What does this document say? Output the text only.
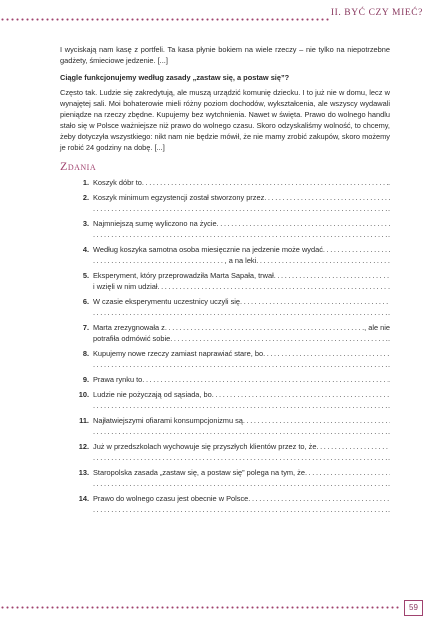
II. BYĆ CZY MIEĆ?

I wyciskają nam kasę z portfeli. Ta kasa płynie bokiem na wiele rzeczy – nie tylko na niepotrzebne gadżety, śmieciowe jedzenie. [...]

Ciągle funkcjonujemy według zasady „zastaw się, a postaw się”?

Często tak. Ludzie się zakredytują, ale muszą urządzić komunię dziecku. I to już nie w domu, lecz w wynajętej sali. Moi bohaterowie mieli różny poziom dochodów, wykształcenia, ale wszyscy wydawali pieniądze na rzeczy zbędne. Kupujemy bez wytchnienia. Nawet w święta. Prawo do wolnego handlu stało się w Polsce ważniejsze niż prawo do wolnego czasu. Skoro odzyskaliśmy wolność, to chcemy, żeby dotyczyła wszystkiego: nikt nam nie będzie mówił, że nie mamy zrobić zakupów, skoro możemy je robić 24 godziny na dobę. [...]

Zdania
1. Koszyk dóbr to .....	.
2. Koszyk minimum egzystencji został stworzony przez
.....
.....
.
3. Najmniejszą sumę wyliczono na życie
.....
.....
.
4. Według koszyka samotna osoba miesięcznie na jedzenie może wydać
.....
.....
, a na leki .....	.
5. Eksperyment, który przeprowadziła Marta Sapała, trwał
.....
i wzięli w nim udział .....	.
6. W czasie eksperymentu uczestnicy uczyli się
.....
.....
.
7. Marta zrezygnowała z .....	, ale nie
potrafiła odmówić sobie .....	.
8. Kupujemy nowe rzeczy zamiast naprawiać stare, bo
.....
.....
.
9. Prawa rynku to .....	.
10. Ludzie nie pożyczają od sąsiada, bo
.....
.....
.
11. Najłatwiejszymi ofiarami konsumpcjonizmu są
.....
.....
.
12. Już w przedszkolach wychowuje się przyszłych klientów przez to, że
.....
.....
.
13. Staropolska zasada „zastaw się, a postaw się” polega na tym, że
.....
.....
.
14. Prawo do wolnego czasu jest obecnie w Polsce
.....
.....
.
59
